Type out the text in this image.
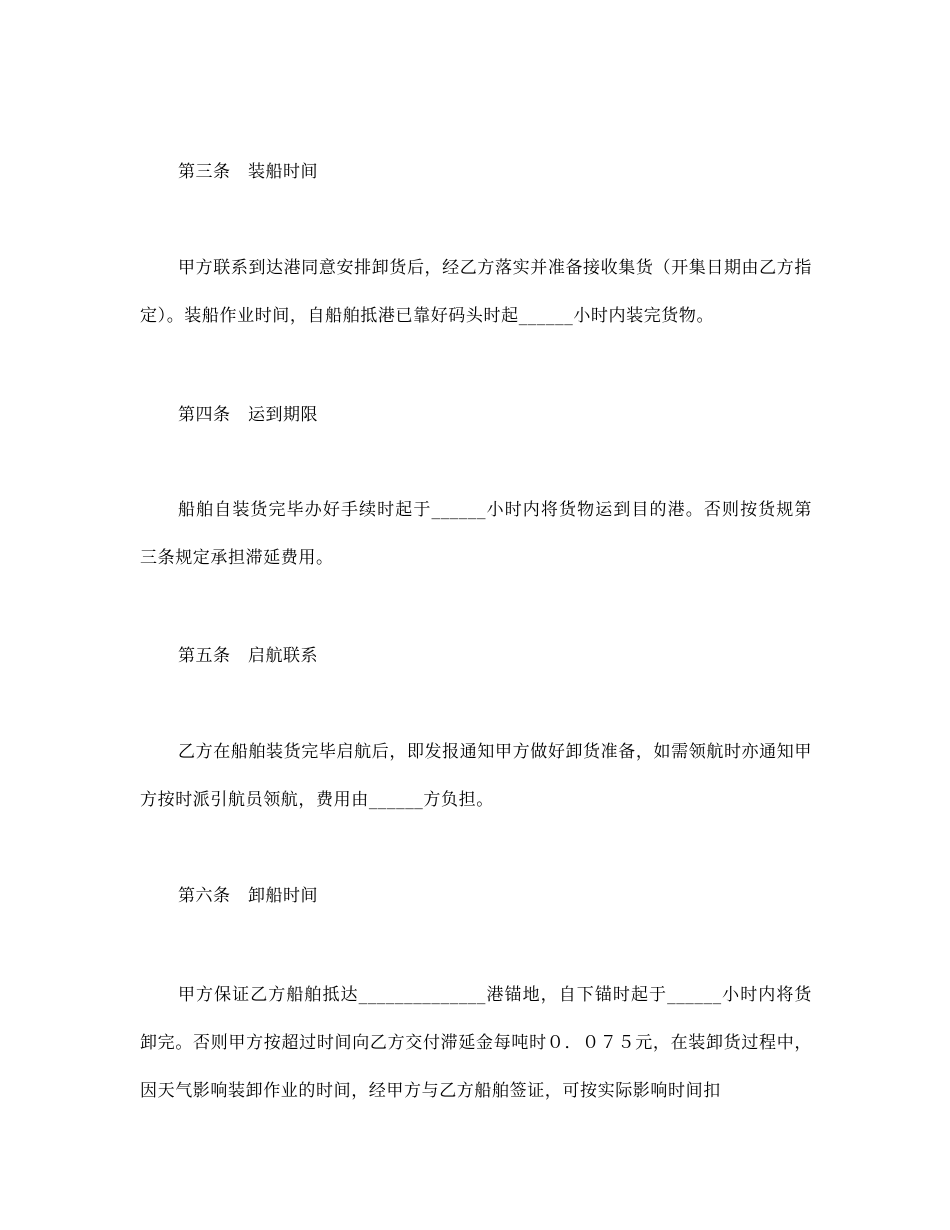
第三条　装船时间

甲方联系到达港同意安排卸货后，经乙方落实并准备接收集货（开集日期由乙方指定）。装船作业时间，自船舶抵港已靠好码头时起______小时内装完货物。

第四条　运到期限

船舶自装货完毕办好手续时起于______小时内将货物运到目的港。否则按货规第三条规定承担滞延费用。

第五条　启航联系

乙方在船舶装货完毕启航后，即发报通知甲方做好卸货准备，如需领航时亦通知甲方按时派引航员领航，费用由______方负担。

第六条　卸船时间

甲方保证乙方船舶抵达______________港锚地，自下锚时起于______小时内将货卸完。否则甲方按超过时间向乙方交付滞延金每吨时０．０７５元，在装卸货过程中，因天气影响装卸作业的时间，经甲方与乙方船舶签证，可按实际影响时间扣
